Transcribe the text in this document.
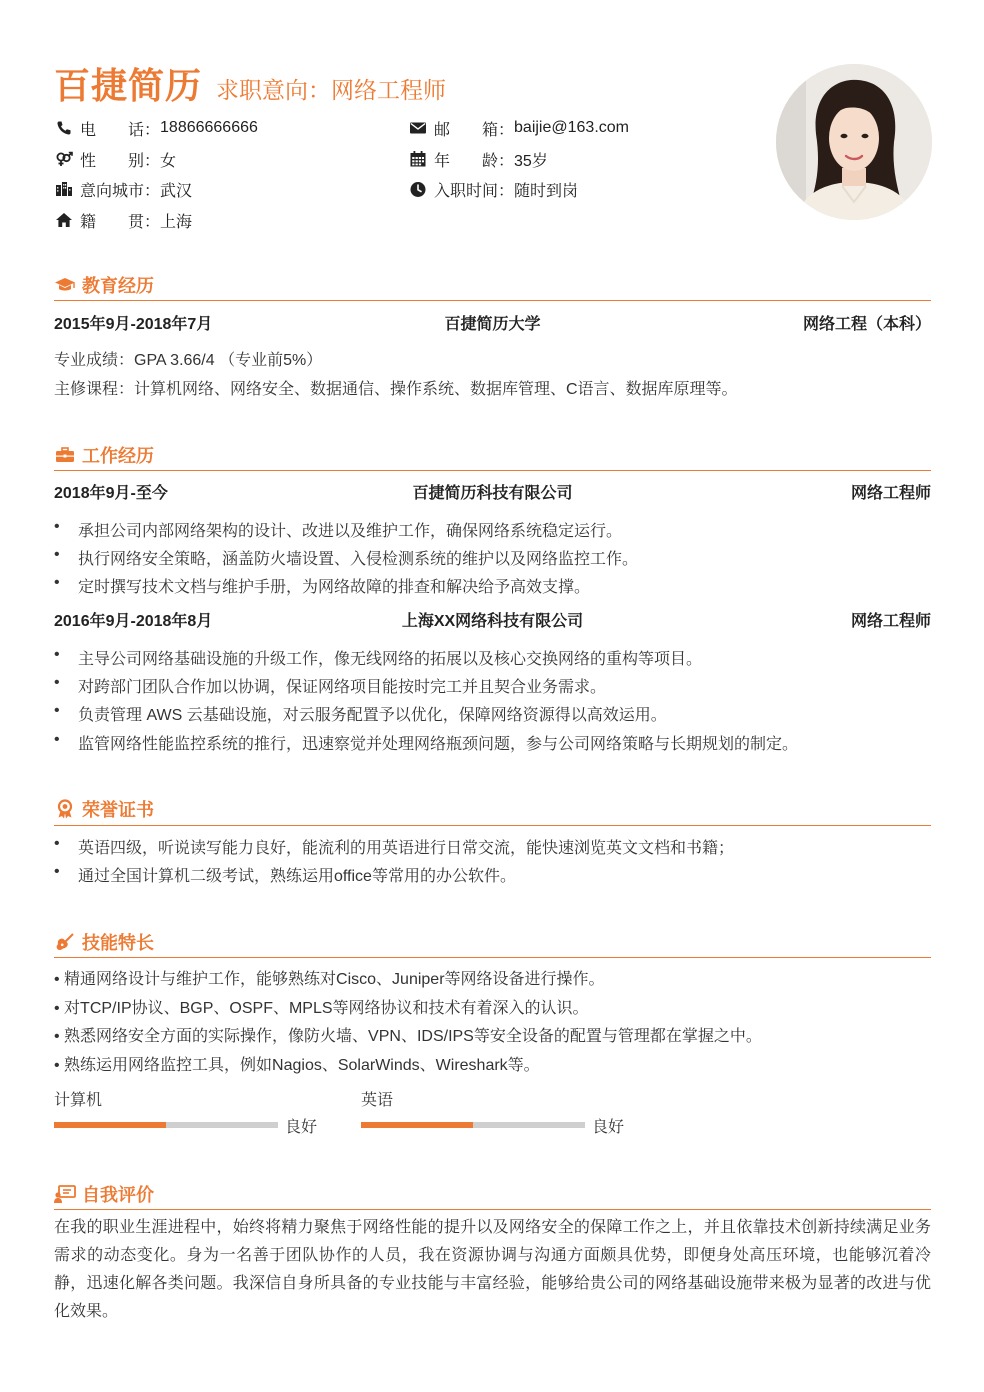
百捷简历 求职意向：网络工程师
电　　话： 18866666666
性　　别： 女
意向城市： 武汉
籍　　贯： 上海
邮　　箱： baijie@163.com
年　　龄： 35岁
入职时间： 随时到岗
教育经历
2015年9月-2018年7月	百捷简历大学	网络工程（本科）
专业成绩：GPA 3.66/4 （专业前5%）
主修课程：计算机网络、网络安全、数据通信、操作系统、数据库管理、C语言、数据库原理等。
工作经历
2018年9月-至今	百捷简历科技有限公司	网络工程师
•	承担公司内部网络架构的设计、改进以及维护工作，确保网络系统稳定运行。
•	执行网络安全策略，涵盖防火墙设置、入侵检测系统的维护以及网络监控工作。
•	定时撰写技术文档与维护手册，为网络故障的排查和解决给予高效支撑。
2016年9月-2018年8月	上海XX网络科技有限公司	网络工程师
•	主导公司网络基础设施的升级工作，像无线网络的拓展以及核心交换网络的重构等项目。
•	对跨部门团队合作加以协调，保证网络项目能按时完工并且契合业务需求。
•	负责管理 AWS 云基础设施，对云服务配置予以优化，保障网络资源得以高效运用。
•	监管网络性能监控系统的推行，迅速察觉并处理网络瓶颈问题，参与公司网络策略与长期规划的制定。
荣誉证书
•	英语四级，听说读写能力良好，能流利的用英语进行日常交流，能快速浏览英文文档和书籍；
•	通过全国计算机二级考试，熟练运用office等常用的办公软件。
技能特长
• 精通网络设计与维护工作，能够熟练对Cisco、Juniper等网络设备进行操作。
• 对TCP/IP协议、BGP、OSPF、MPLS等网络协议和技术有着深入的认识。
• 熟悉网络安全方面的实际操作，像防火墙、VPN、IDS/IPS等安全设备的配置与管理都在掌握之中。
• 熟练运用网络监控工具，例如Nagios、SolarWinds、Wireshark等。
计算机
良好
英语
良好
自我评价
在我的职业生涯进程中，始终将精力聚焦于网络性能的提升以及网络安全的保障工作之上，并且依靠技术创新持续满足业务需求的动态变化。身为一名善于团队协作的人员，我在资源协调与沟通方面颇具优势，即便身处高压环境，也能够沉着冷静，迅速化解各类问题。我深信自身所具备的专业技能与丰富经验，能够给贵公司的网络基础设施带来极为显著的改进与优化效果。
